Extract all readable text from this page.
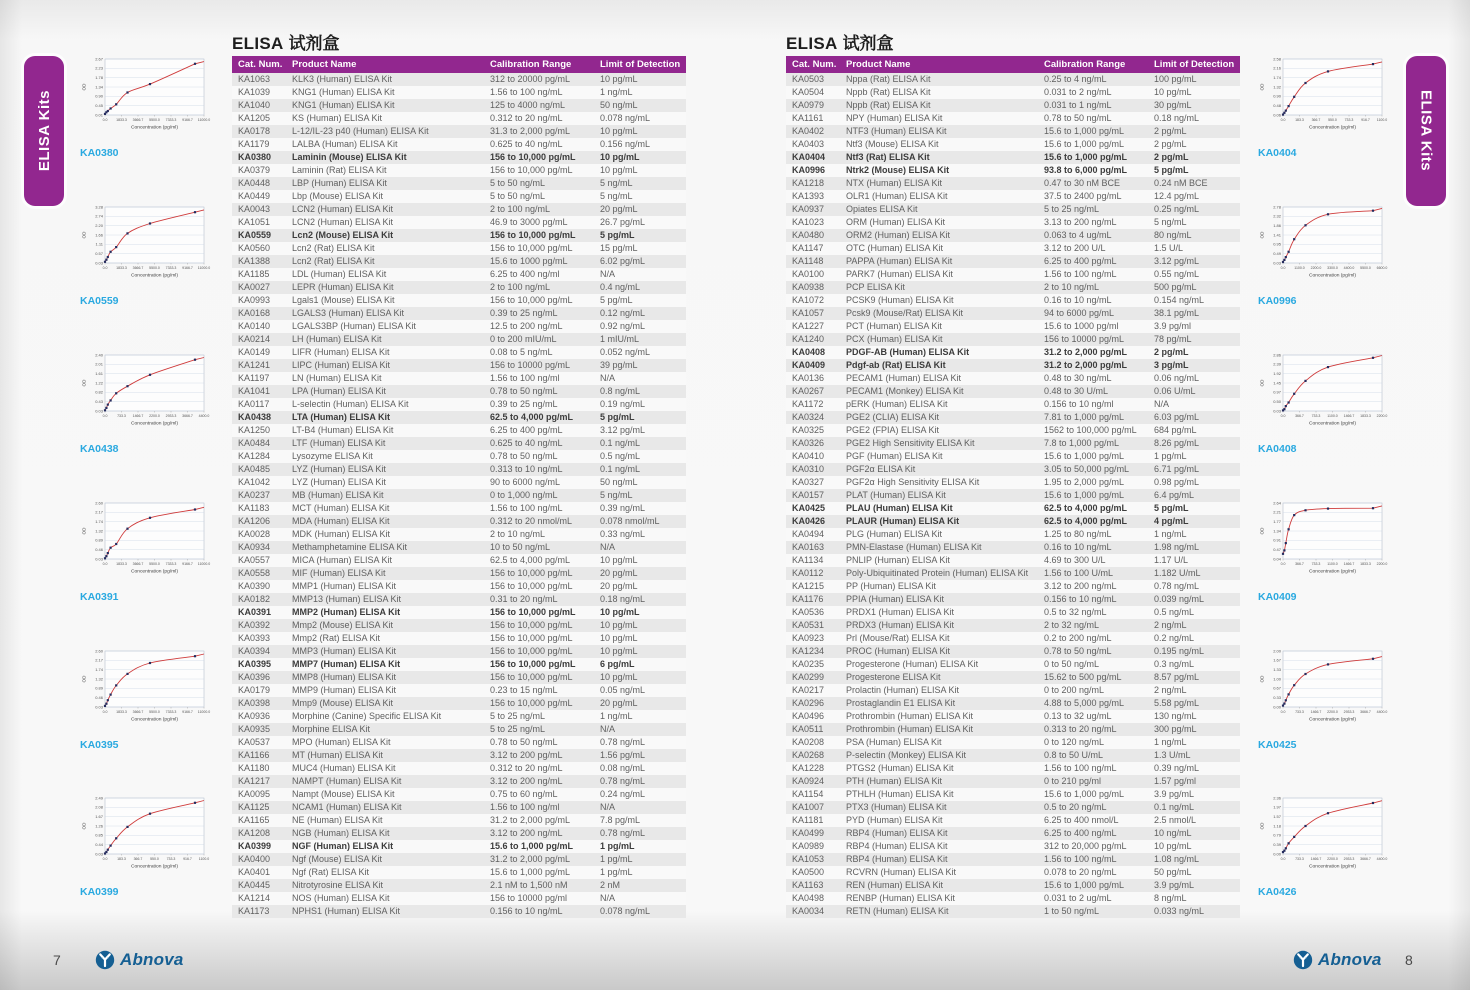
ELISA Kits	ELISA Kits
0.01
0.45
0.90
1.34
1.78
2.23
2.67
0.0 1833.3 3666.7 5500.0 7333.3 9166.7 11000.0
OD
Concentration (pg/ml)
KA0380
0.03
0.57
1.11
1.66
2.20
2.74
3.28
0.0 1833.3 3666.7 5500.0 7333.3 9166.7 11000.0
OD
Concentration (pg/ml)
KA0559
0.03
0.43
0.82
1.22
1.61
2.01
2.40
0.0	733.3 1466.7 2200.0 2933.3 3666.7 4400.0
OD
Concentration (pg/ml)
KA0438
0.03
0.46
0.89
1.32
1.74
2.17
2.60
0.0 1833.3 3666.7 5500.0 7333.3 9166.7 11000.0
OD
Concentration (pg/ml)
KA0391
0.03
0.46
0.89
1.32
1.74
2.17
2.60
0.0 1833.3 3666.7 5500.0 7333.3 9166.7 11000.0
OD
Concentration (pg/ml)
KA0395
0.03
0.44
0.85
1.26
1.67
2.08
2.49
0.0	183.3 366.7 550.0 733.3 916.7 1100.0
OD
Concentration (pg/ml)
KA0399
0.06
0.48
0.90
1.32
1.74
2.16
2.58
0.0	183.3 366.7 550.0 733.3 916.7 1100.0
OD
Concentration (pg/ml)
KA0404
0.03
0.49
0.95
1.41
1.86
2.32
2.78
0.0	1100.0 2200.0 3300.0 4400.0 5500.0 6600.0
OD
Concentration (pg/ml)
KA0996
0.03
0.50
0.97
1.45
1.92
2.39
2.86
0.0	366.7 733.3 1100.0 1466.7 1833.3 2200.0
OD
Concentration (pg/ml)
KA0408
0.04
0.47
0.91
1.34
1.77
2.21
2.64
0.0	366.7 733.3 1100.0 1466.7 1833.3 2200.0
OD
Concentration (pg/ml)
KA0409
0.00
0.33
0.67
1.00
1.33
1.67
2.00
0.0	733.3 1466.7 2200.0 2933.3 3666.7 4400.0
OD
Concentration (pg/ml)
KA0425
0.00
0.39
0.79
1.18
1.57
1.97
2.36
0.0	733.3 1466.7 2200.0 2933.3 3666.7 4400.0
OD
Concentration (pg/ml)
KA0426
ELISA 试剂盒	ELISA 试剂盒
Cat. Num.	Product Name	Calibration Range	Limit of Detection
KA1063	KLK3 (Human) ELISA Kit	312 to 20000 pg/mL	10 pg/mL
KA1039	KNG1 (Human) ELISA Kit	1.56 to 100 ng/mL	1 ng/mL
KA1040	KNG1 (Human) ELISA Kit	125 to 4000 ng/mL	50 ng/mL
KA1205	KS (Human) ELISA Kit	0.312 to 20 ng/mL	0.078 ng/mL
KA0178	L-12/IL-23 p40 (Human) ELISA Kit	31.3 to 2,000 pg/mL	10 pg/mL
KA1179	LALBA (Human) ELISA Kit	0.625 to 40 ng/mL	0.156 ng/mL
KA0380	Laminin (Mouse) ELISA Kit	156 to 10,000 pg/mL	10 pg/mL
KA0379	Laminin (Rat) ELISA Kit	156 to 10,000 pg/mL	10 pg/mL
KA0448	LBP (Human) ELISA Kit	5 to 50 ng/mL	5 ng/mL
KA0449	Lbp (Mouse) ELISA Kit	5 to 50 ng/mL	5 ng/mL
KA0043	LCN2 (Human) ELISA Kit	2 to 100 ng/mL	20 pg/mL
KA1051	LCN2 (Human) ELISA Kit	46.9 to 3000 pg/mL	26.7 pg/mL
KA0559	Lcn2 (Mouse) ELISA Kit	156 to 10,000 pg/mL	5 pg/mL
KA0560	Lcn2 (Rat) ELISA Kit	156 to 10,000 pg/mL	15 pg/mL
KA1388	Lcn2 (Rat) ELISA Kit	15.6 to 1000 pg/mL	6.02 pg/mL
KA1185	LDL (Human) ELISA Kit	6.25 to 400 ng/ml	N/A
KA0027	LEPR (Human) ELISA Kit	2 to 100 ng/mL	0.4 ng/mL
KA0993	Lgals1 (Mouse) ELISA Kit	156 to 10,000 pg/mL	5 pg/mL
KA0168	LGALS3 (Human) ELISA Kit	0.39 to 25 ng/mL	0.12 ng/mL
KA0140	LGALS3BP (Human) ELISA Kit	12.5 to 200 ng/mL	0.92 ng/mL
KA0214	LH (Human) ELISA Kit	0 to 200 mIU/mL	1 mIU/mL
KA0149	LIFR (Human) ELISA Kit	0.08 to 5 ng/mL	0.052 ng/mL
KA1241	LIPC (Human) ELISA Kit	156 to 10000 pg/mL	39 pg/mL
KA1197	LN (Human) ELISA Kit	1.56 to 100 ng/ml	N/A
KA1041	LPA (Human) ELISA Kit	0.78 to 50 ng/mL	0.8 ng/mL
KA0117	L-selectin (Human) ELISA Kit	0.39 to 25 ng/mL	0.19 ng/mL
KA0438	LTA (Human) ELISA Kit	62.5 to 4,000 pg/mL	5 pg/mL
KA1250	LT-B4 (Human) ELISA Kit	6.25 to 400 pg/mL	3.12 pg/mL
KA0484	LTF (Human) ELISA Kit	0.625 to 40 ng/mL	0.1 ng/mL
KA1284	Lysozyme ELISA Kit	0.78 to 50 ng/mL	0.5 ng/mL
KA0485	LYZ (Human) ELISA Kit	0.313 to 10 ng/mL	0.1 ng/mL
KA1042	LYZ (Human) ELISA Kit	90 to 6000 ng/mL	50 ng/mL
KA0237	MB (Human) ELISA Kit	0 to 1,000 ng/mL	5 ng/mL
KA1183	MCT (Human) ELISA Kit	1.56 to 100 ng/mL	0.39 ng/mL
KA1206	MDA (Human) ELISA Kit	0.312 to 20 nmol/mL	0.078 nmol/mL
KA0028	MDK (Human) ELISA Kit	2 to 10 ng/mL	0.33 ng/mL
KA0934	Methamphetamine ELISA Kit	10 to 50 ng/mL	N/A
KA0557	MICA (Human) ELISA Kit	62.5 to 4,000 pg/mL	10 pg/mL
KA0558	MIF (Human) ELISA Kit	156 to 10,000 pg/mL	20 pg/mL
KA0390	MMP1 (Human) ELISA Kit	156 to 10,000 pg/mL	20 pg/mL
KA0182	MMP13 (Human) ELISA Kit	0.31 to 20 ng/mL	0.18 ng/mL
KA0391	MMP2 (Human) ELISA Kit	156 to 10,000 pg/mL	10 pg/mL
KA0392	Mmp2 (Mouse) ELISA Kit	156 to 10,000 pg/mL	10 pg/mL
KA0393	Mmp2 (Rat) ELISA Kit	156 to 10,000 pg/mL	10 pg/mL
KA0394	MMP3 (Human) ELISA Kit	156 to 10,000 pg/mL	10 pg/mL
KA0395	MMP7 (Human) ELISA Kit	156 to 10,000 pg/mL	6 pg/mL
KA0396	MMP8 (Human) ELISA Kit	156 to 10,000 pg/mL	10 pg/mL
KA0179	MMP9 (Human) ELISA Kit	0.23 to 15 ng/mL	0.05 ng/mL
KA0398	Mmp9 (Mouse) ELISA Kit	156 to 10,000 pg/mL	20 pg/mL
KA0936	Morphine (Canine) Specific ELISA Kit	5 to 25 ng/mL	1 ng/mL
KA0935	Morphine ELISA Kit	5 to 25 ng/mL	N/A
KA0537	MPO (Human) ELISA Kit	0.78 to 50 ng/mL	0.78 ng/mL
KA1166	MT (Human) ELISA Kit	3.12 to 200 pg/mL	1.56 pg/mL
KA1180	MUC4 (Human) ELISA Kit	0.312 to 20 ng/mL	0.08 ng/mL
KA1217	NAMPT (Human) ELISA Kit	3.12 to 200 ng/mL	0.78 ng/mL
KA0095	Nampt (Mouse) ELISA Kit	0.75 to 60 ng/mL	0.24 ng/mL
KA1125	NCAM1 (Human) ELISA Kit	1.56 to 100 ng/ml	N/A
KA1165	NE (Human) ELISA Kit	31.2 to 2,000 pg/mL	7.8 pg/mL
KA1208	NGB (Human) ELISA Kit	3.12 to 200 ng/mL	0.78 ng/mL
KA0399	NGF (Human) ELISA Kit	15.6 to 1,000 pg/mL	1 pg/mL
KA0400	Ngf (Mouse) ELISA Kit	31.2 to 2,000 pg/mL	1 pg/mL
KA0401	Ngf (Rat) ELISA Kit	15.6 to 1,000 pg/mL	1 pg/mL
KA0445	Nitrotyrosine ELISA Kit	2.1 nM to 1,500 nM	2 nM
KA1214	NOS (Human) ELISA Kit	156 to 10000 pg/ml	N/A
KA1173	NPHS1 (Human) ELISA Kit	0.156 to 10 ng/mL	0.078 ng/mL
Cat. Num.	Product Name	Calibration Range	Limit of Detection
KA0503	Nppa (Rat) ELISA Kit	0.25 to 4 ng/mL	100 pg/mL
KA0504	Nppb (Rat) ELISA Kit	0.031 to 2 ng/mL	10 pg/mL
KA0979	Nppb (Rat) ELISA Kit	0.031 to 1 ng/mL	30 pg/mL
KA1161	NPY (Human) ELISA Kit	0.78 to 50 ng/mL	0.18 ng/mL
KA0402	NTF3 (Human) ELISA Kit	15.6 to 1,000 pg/mL	2 pg/mL
KA0403	Ntf3 (Mouse) ELISA Kit	15.6 to 1,000 pg/mL	2 pg/mL
KA0404	Ntf3 (Rat) ELISA Kit	15.6 to 1,000 pg/mL	2 pg/mL
KA0996	Ntrk2 (Mouse) ELISA Kit	93.8 to 6,000 pg/mL	5 pg/mL
KA1218	NTX (Human) ELISA Kit	0.47 to 30 nM BCE	0.24 nM BCE
KA1393	OLR1 (Human) ELISA Kit	37.5 to 2400 pg/mL	12.4 pg/mL
KA0937	Opiates ELISA Kit	5 to 25 ng/mL	0.25 ng/mL
KA1023	ORM (Human) ELISA Kit	3.13 to 200 ng/mL	5 ng/mL
KA0480	ORM2 (Human) ELISA Kit	0.063 to 4 ug/mL	80 ng/mL
KA1147	OTC (Human) ELISA Kit	3.12 to 200 U/L	1.5 U/L
KA1148	PAPPA (Human) ELISA Kit	6.25 to 400 pg/mL	3.12 pg/mL
KA0100	PARK7 (Human) ELISA Kit	1.56 to 100 ng/mL	0.55 ng/mL
KA0938	PCP ELISA Kit	2 to 10 ng/mL	500 pg/mL
KA1072	PCSK9 (Human) ELISA Kit	0.16 to 10 ng/mL	0.154 ng/mL
KA1057	Pcsk9 (Mouse/Rat) ELISA Kit	94 to 6000 pg/mL	38.1 pg/mL
KA1227	PCT (Human) ELISA Kit	15.6 to 1000 pg/ml	3.9 pg/ml
KA1240	PCX (Human) ELISA Kit	156 to 10000 pg/mL	78 pg/mL
KA0408	PDGF-AB (Human) ELISA Kit	31.2 to 2,000 pg/mL	2 pg/mL
KA0409	Pdgf-ab (Rat) ELISA Kit	31.2 to 2,000 pg/mL	3 pg/mL
KA0136	PECAM1 (Human) ELISA Kit	0.48 to 30 ng/mL	0.06 ng/mL
KA0267	PECAM1 (Monkey) ELISA Kit	0.48 to 30 U/mL	0.06 U/mL
KA1172	pERK (Human) ELISA Kit	0.156 to 10 ng/ml	N/A
KA0324	PGE2 (CLIA) ELISA Kit	7.81 to 1,000 pg/mL	6.03 pg/mL
KA0325	PGE2 (FPIA) ELISA Kit	1562 to 100,000 pg/mL	684 pg/mL
KA0326	PGE2 High Sensitivity ELISA Kit	7.8 to 1,000 pg/mL	8.26 pg/mL
KA0410	PGF (Human) ELISA Kit	15.6 to 1,000 pg/mL	1 pg/mL
KA0310	PGF2α ELISA Kit	3.05 to 50,000 pg/mL	6.71 pg/mL
KA0327	PGF2α High Sensitivity ELISA Kit	1.95 to 2,000 pg/mL	0.98 pg/mL
KA0157	PLAT (Human) ELISA Kit	15.6 to 1,000 pg/mL	6.4 pg/mL
KA0425	PLAU (Human) ELISA Kit	62.5 to 4,000 pg/mL	5 pg/mL
KA0426	PLAUR (Human) ELISA Kit	62.5 to 4,000 pg/mL	4 pg/mL
KA0494	PLG (Human) ELISA Kit	1.25 to 80 ng/mL	1 ng/mL
KA0163	PMN-Elastase (Human) ELISA Kit	0.16 to 10 ng/mL	1.98 ng/mL
KA1134	PNLIP (Human) ELISA Kit	4.69 to 300 U/L	1.17 U/L
KA0112	Poly-Ubiquitinated Protein (Human) ELISA Kit	1.56 to 100 U/mL	1.182 U/mL
KA1215	PP (Human) ELISA Kit	3.12 to 200 ng/mL	0.78 ng/mL
KA1176	PPIA (Human) ELISA Kit	0.156 to 10 ng/mL	0.039 ng/mL
KA0536	PRDX1 (Human) ELISA Kit	0.5 to 32 ng/mL	0.5 ng/mL
KA0531	PRDX3 (Human) ELISA Kit	2 to 32 ng/mL	2 ng/mL
KA0923	Prl (Mouse/Rat) ELISA Kit	0.2 to 200 ng/mL	0.2 ng/mL
KA1234	PROC (Human) ELISA Kit	0.78 to 50 ng/mL	0.195 ng/mL
KA0235	Progesterone (Human) ELISA Kit	0 to 50 ng/mL	0.3 ng/mL
KA0299	Progesterone ELISA Kit	15.62 to 500 pg/mL	8.57 pg/mL
KA0217	Prolactin (Human) ELISA Kit	0 to 200 ng/mL	2 ng/mL
KA0296	Prostaglandin E1 ELISA Kit	4.88 to 5,000 pg/mL	5.58 pg/mL
KA0496	Prothrombin (Human) ELISA Kit	0.13 to 32 ug/mL	130 ng/mL
KA0511	Prothrombin (Human) ELISA Kit	0.313 to 20 ng/mL	300 pg/mL
KA0208	PSA (Human) ELISA Kit	0 to 120 ng/mL	1 ng/mL
KA0268	P-selectin (Monkey) ELISA Kit	0.8 to 50 U/mL	1.3 U/mL
KA1228	PTGS2 (Human) ELISA Kit	1.56 to 100 ng/mL	0.39 ng/mL
KA0924	PTH (Human) ELISA Kit	0 to 210 pg/ml	1.57 pg/ml
KA1154	PTHLH (Human) ELISA Kit	15.6 to 1,000 pg/mL	3.9 pg/mL
KA1007	PTX3 (Human) ELISA Kit	0.5 to 20 ng/mL	0.1 ng/mL
KA1181	PYD (Human) ELISA Kit	6.25 to 400 nmol/L	2.5 nmol/L
KA0499	RBP4 (Human) ELISA Kit	6.25 to 400 ng/mL	10 ng/mL
KA0989	RBP4 (Human) ELISA Kit	312 to 20,000 pg/mL	10 pg/mL
KA1053	RBP4 (Human) ELISA Kit	1.56 to 100 ng/mL	1.08 ng/mL
KA0500	RCVRN (Human) ELISA Kit	0.078 to 20 ng/mL	50 pg/mL
KA1163	REN (Human) ELISA Kit	15.6 to 1,000 pg/mL	3.9 pg/mL
KA0498	RENBP (Human) ELISA Kit	0.031 to 2 ug/mL	8 ng/mL
KA0034	RETN (Human) ELISA Kit	1 to 50 ng/mL	0.033 ng/mL
7	Abnova	Abnova 8
